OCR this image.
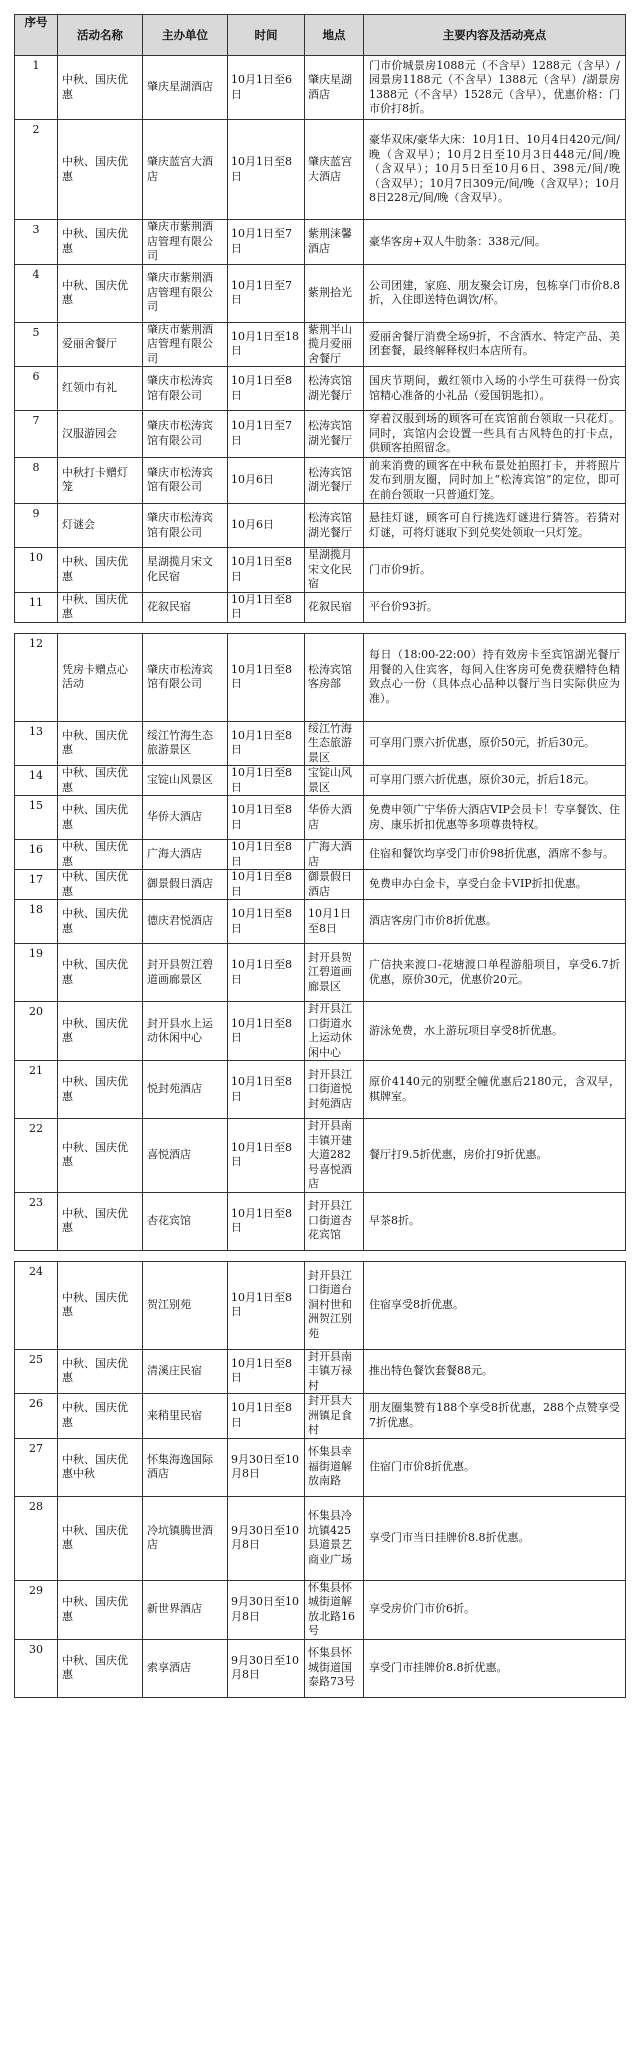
序号	活动名称	主办单位	时间	地点	主要内容及活动亮点
1	中秋、国庆优惠	肇庆星湖酒店	10月1日至6日	肇庆星湖酒店	门市价城景房1088元（不含早）1288元（含早）/园景房1188元（不含早）1388元（含早）/湖景房1388元（不含早）1528元（含早），优惠价格：门市价打8折。
2	中秋、国庆优惠	肇庆蓝宫大酒店	10月1日至8日	肇庆蓝宫大酒店	豪华双床/豪华大床：10月1日、10月4日420元/间/晚（含双早）；10月2日至10月3日448元/间/晚（含双早）；10月5日至10月6日、398元/间/晚（含双早）；10月7日309元/间/晚（含双早）；10月8日228元/间/晚（含双早）。
3	中秋、国庆优惠	肇庆市紫荆酒店管理有限公司	10月1日至7日	紫荆涞馨酒店	豪华客房+双人牛肋条：338元/间。
4	中秋、国庆优惠	肇庆市紫荆酒店管理有限公司	10月1日至7日	紫荆拾光	公司团建，家庭、朋友聚会订房，包栋享门市价8.8折，入住即送特色调饮/杯。
5	爱丽舍餐厅	肇庆市紫荆酒店管理有限公司	10月1日至18日	紫荆半山揽月爱丽舍餐厅	爱丽舍餐厅消费全场9折，不含酒水、特定产品、美团套餐，最终解释权归本店所有。
6	红领巾有礼	肇庆市松涛宾馆有限公司	10月1日至8日	松涛宾馆湖光餐厅	国庆节期间，戴红领巾入场的小学生可获得一份宾馆精心准备的小礼品（爱国钥匙扣）。
7	汉服游园会	肇庆市松涛宾馆有限公司	10月1日至7日	松涛宾馆湖光餐厅	穿着汉服到场的顾客可在宾馆前台领取一只花灯。同时，宾馆内会设置一些具有古风特色的打卡点，供顾客拍照留念。
8	中秋打卡赠灯笼	肇庆市松涛宾馆有限公司	10月6日	松涛宾馆湖光餐厅	前来消费的顾客在中秋布景处拍照打卡，并将照片发布到朋友圈，同时加上“松涛宾馆”的定位，即可在前台领取一只普通灯笼。
9	灯谜会	肇庆市松涛宾馆有限公司	10月6日	松涛宾馆湖光餐厅	悬挂灯谜，顾客可自行挑选灯谜进行猜答。若猜对灯谜，可将灯谜取下到兑奖处领取一只灯笼。
10	中秋、国庆优惠	星湖揽月宋文化民宿	10月1日至8日	星湖揽月宋文化民宿	门市价9折。
11	中秋、国庆优惠	花叙民宿	10月1日至8日	花叙民宿	平台价93折。

12	凭房卡赠点心活动	肇庆市松涛宾馆有限公司	10月1日至8日	松涛宾馆客房部	每日（18:00-22:00）持有效房卡至宾馆湖光餐厅用餐的入住宾客，每间入住客房可免费获赠特色精致点心一份（具体点心品种以餐厅当日实际供应为准）。
13	中秋、国庆优惠	绥江竹海生态旅游景区	10月1日至8日	绥江竹海生态旅游景区	可享用门票六折优惠，原价50元，折后30元。
14	中秋、国庆优惠	宝锭山风景区	10月1日至8日	宝锭山风景区	可享用门票六折优惠，原价30元，折后18元。
15	中秋、国庆优惠	华侨大酒店	10月1日至8日	华侨大酒店	免费申领广宁华侨大酒店VIP会员卡！专享餐饮、住房、康乐折扣优惠等多项尊贵特权。
16	中秋、国庆优惠	广海大酒店	10月1日至8日	广海大酒店	住宿和餐饮均享受门市价98折优惠，酒席不参与。
17	中秋、国庆优惠	御景假日酒店	10月1日至8日	御景假日酒店	免费申办白金卡，享受白金卡VIP折扣优惠。
18	中秋、国庆优惠	德庆君悦酒店	10月1日至8日	10月1日至8日	酒店客房门市价8折优惠。
19	中秋、国庆优惠	封开县贺江碧道画廊景区	10月1日至8日	封开县贺江碧道画廊景区	广信抉来渡口-花塘渡口单程游船项目，享受6.7折优惠，原价30元，优惠价20元。
20	中秋、国庆优惠	封开县水上运动休闲中心	10月1日至8日	封开县江口街道水上运动休闲中心	游泳免费，水上游玩项目享受8折优惠。
21	中秋、国庆优惠	悦封苑酒店	10月1日至8日	封开县江口街道悦封苑酒店	原价4140元的别墅全幢优惠后2180元，含双早，棋牌室。
22	中秋、国庆优惠	喜悦酒店	10月1日至8日	封开县南丰镇开建大道282号喜悦酒店	餐厅打9.5折优惠，房价打9折优惠。
23	中秋、国庆优惠	杏花宾馆	10月1日至8日	封开县江口街道杏花宾馆	早茶8折。

24	中秋、国庆优惠	贺江别苑	10月1日至8日	封开县江口街道台洞村世和洲贺江别苑	住宿享受8折优惠。
25	中秋、国庆优惠	清溪庄民宿	10月1日至8日	封开县南丰镇万禄村	推出特色餐饮套餐88元。
26	中秋、国庆优惠	来稍里民宿	10月1日至8日	封开县大洲镇足食村	朋友圈集赞有188个享受8折优惠，288个点赞享受7折优惠。
27	中秋、国庆优惠中秋	怀集海逸国际酒店	9月30日至10月8日	怀集县幸福街道解放南路	住宿门市价8折优惠。
28	中秋、国庆优惠	冷坑镇腾世酒店	9月30日至10月8日	怀集县冷坑镇425县道景艺商业广场	享受门市当日挂牌价8.8折优惠。
29	中秋、国庆优惠	新世界酒店	9月30日至10月8日	怀集县怀城街道解放北路16号	享受房价门市价6折。
30	中秋、国庆优惠	索享酒店	9月30日至10月8日	怀集县怀城街道国泰路73号	享受门市挂牌价8.8折优惠。
